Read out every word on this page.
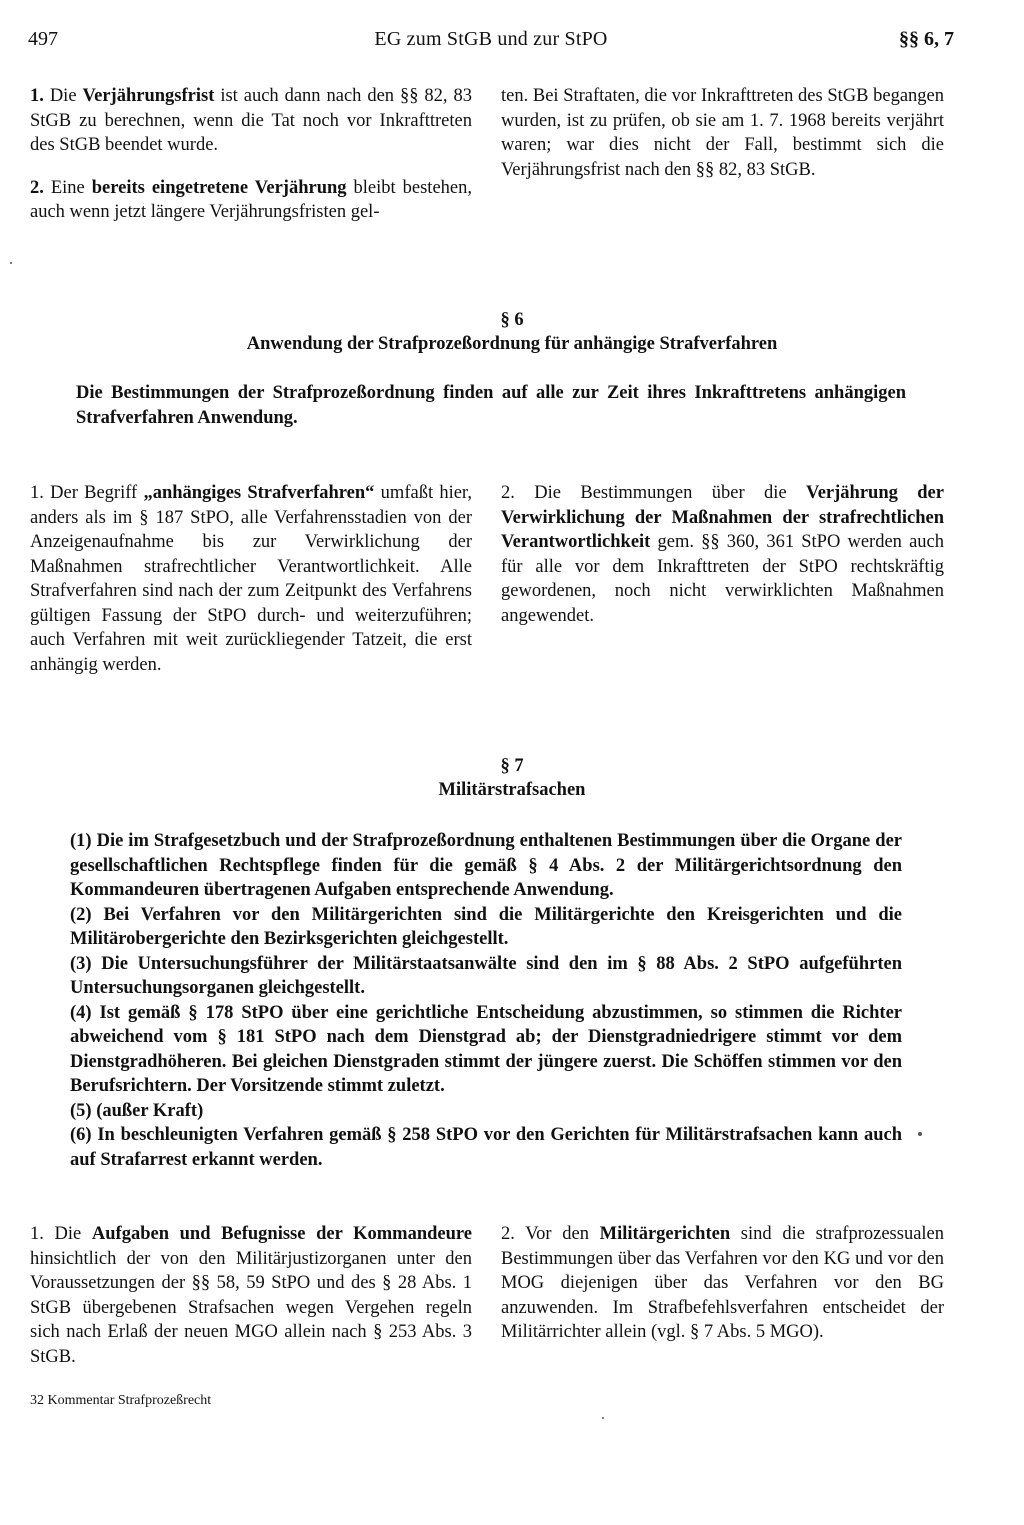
497	EG zum StGB und zur StPO	§§ 6, 7

1. Die Verjährungsfrist ist auch dann nach den §§ 82, 83 StGB zu berechnen, wenn die Tat noch vor Inkrafttreten des StGB beendet wurde.

2. Eine bereits eingetretene Verjährung bleibt bestehen, auch wenn jetzt längere Verjährungsfristen gel-

ten. Bei Straftaten, die vor Inkrafttreten des StGB begangen wurden, ist zu prüfen, ob sie am 1. 7. 1968 bereits verjährt waren; war dies nicht der Fall, bestimmt sich die Verjährungsfrist nach den §§ 82, 83 StGB.

§ 6
Anwendung der Strafprozeßordnung für anhängige Strafverfahren

Die Bestimmungen der Strafprozeßordnung finden auf alle zur Zeit ihres Inkrafttretens anhängigen Strafverfahren Anwendung.

1. Der Begriff „anhängiges Strafverfahren“ umfaßt hier, anders als im § 187 StPO, alle Verfahrensstadien von der Anzeigenaufnahme bis zur Verwirklichung der Maßnahmen strafrechtlicher Verantwortlichkeit. Alle Strafverfahren sind nach der zum Zeitpunkt des Verfahrens gültigen Fassung der StPO durch- und weiterzuführen; auch Verfahren mit weit zurückliegender Tatzeit, die erst anhängig werden.

2. Die Bestimmungen über die Verjährung der Verwirklichung der Maßnahmen der strafrechtlichen Verantwortlichkeit gem. §§ 360, 361 StPO werden auch für alle vor dem Inkrafttreten der StPO rechtskräftig gewordenen, noch nicht verwirklichten Maßnahmen angewendet.

§ 7
Militärstrafsachen

(1) Die im Strafgesetzbuch und der Strafprozeßordnung enthaltenen Bestimmungen über die Organe der gesellschaftlichen Rechtspflege finden für die gemäß § 4 Abs. 2 der Militärgerichtsordnung den Kommandeuren übertragenen Aufgaben entsprechende Anwendung.

(2) Bei Verfahren vor den Militärgerichten sind die Militärgerichte den Kreisgerichten und die Militärobergerichte den Bezirksgerichten gleichgestellt.

(3) Die Untersuchungsführer der Militärstaatsanwälte sind den im § 88 Abs. 2 StPO aufgeführten Untersuchungsorganen gleichgestellt.

(4) Ist gemäß § 178 StPO über eine gerichtliche Entscheidung abzustimmen, so stimmen die Richter abweichend vom § 181 StPO nach dem Dienstgrad ab; der Dienstgradniedrigere stimmt vor dem Dienstgradhöheren. Bei gleichen Dienstgraden stimmt der jüngere zuerst. Die Schöffen stimmen vor den Berufsrichtern. Der Vorsitzende stimmt zuletzt.

(5) (außer Kraft)

(6) In beschleunigten Verfahren gemäß § 258 StPO vor den Gerichten für Militärstrafsachen kann auch auf Strafarrest erkannt werden.

1. Die Aufgaben und Befugnisse der Kommandeure hinsichtlich der von den Militärjustizorganen unter den Voraussetzungen der §§ 58, 59 StPO und des § 28 Abs. 1 StGB übergebenen Strafsachen wegen Vergehen regeln sich nach Erlaß der neuen MGO allein nach § 253 Abs. 3 StGB.

2. Vor den Militärgerichten sind die strafprozessualen Bestimmungen über das Verfahren vor den KG und vor den MOG diejenigen über das Verfahren vor den BG anzuwenden. Im Strafbefehlsverfahren entscheidet der Militärrichter allein (vgl. § 7 Abs. 5 MGO).

32 Kommentar Strafprozeßrecht
